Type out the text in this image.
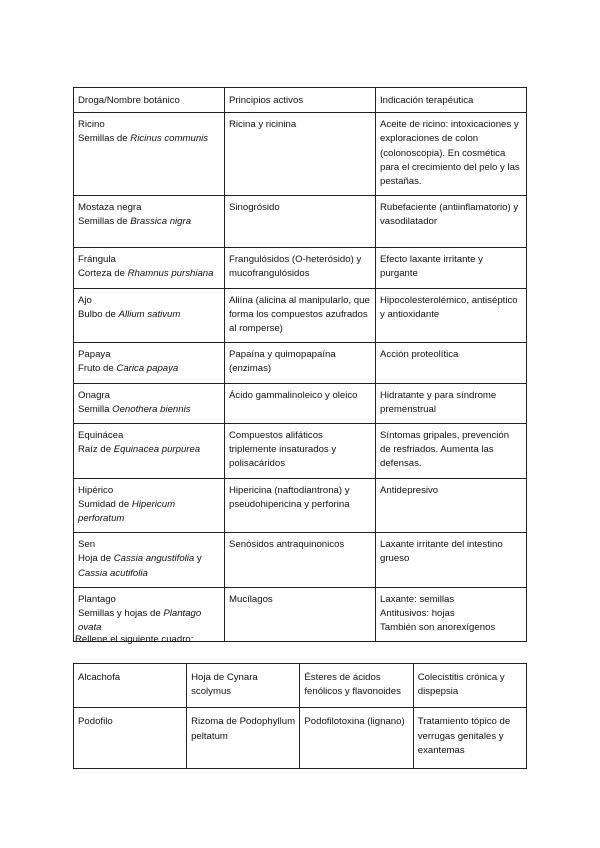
Droga/Nombre botánico	Principios activos	Indicación terapéutica

Ricino
Semillas de Ricinus communis	Ricina y ricinina	Aceite de ricino: intoxicaciones y exploraciones de colon (colonoscopia). En cosmética para el crecimiento del pelo y las pestañas.

Mostaza negra
Semillas de Brassica nigra	Sinogrósido	Rubefaciente (antiinflamatorio) y vasodilatador

Frángula
Corteza de Rhamnus purshiana	Frangulósidos (O-heterósido) y mucofrangulósidos	Efecto laxante irritante y purgante

Ajo
Bulbo de Allium sativum	Aliína (alicina al manipularlo, que forma los compuestos azufrados al romperse)	Hipocolesterolémico, antiséptico y antioxidante

Papaya
Fruto de Carica papaya	Papaína y quimopapaína (enzimas)	Acción proteolítica

Onagra
Semilla Oenothera biennis	Ácido gammalinoleico y oleico	Hidratante y para síndrome premenstrual

Equinácea
Raíz de Equinacea purpurea	Compuestos alifáticos triplemente insaturados y polisacáridos	Síntomas gripales, prevención de resfriados. Aumenta las defensas.

Hipérico
Sumidad de Hipericum
perforatum	Hipericina (naftodiantrona) y pseudohipericina y perforina	Antidepresivo

Sen
Hoja de Cassia angustifolia y
Cassia acutifolia	Senósidos antraquinonicos	Laxante irritante del intestino grueso

Plantago
Semillas y hojas de Plantago
ovata	Mucílagos	Laxante: semillas
Antitusivos: hojas
También son anorexígenos
Rellene el siguiente cuadro:
Alcachofa	Hoja de Cynara scolymus	Ésteres de ácidos fenólicos y flavonoides	Colecistitis crónica y dispepsia
Podofilo	Rizoma de Podophyllum peltatum	Podofilotoxina (lignano)	Tratamiento tópico de verrugas genitales y exantemas
